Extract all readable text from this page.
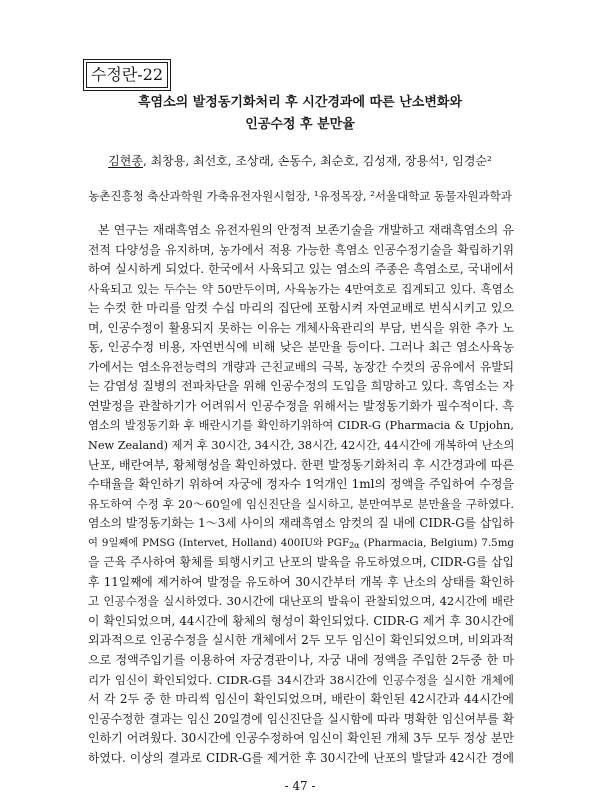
수정란-22
흑염소의 발정동기화처리 후 시간경과에 따른 난소변화와
인공수정 후 분만율
김현종, 최창용, 최선호, 조상래, 손동수, 최순호, 김성재, 장용석¹, 임경순²
농촌진흥청 축산과학원 가축유전자원시험장, ¹유정목장, ²서울대학교 동물자원과학과
본 연구는 재래흑염소 유전자원의 안정적 보존기술을 개발하고 재래흑염소의 유
전적 다양성을 유지하며, 농가에서 적용 가능한 흑염소 인공수정기술을 확립하기위
하여 실시하게 되었다. 한국에서 사육되고 있는 염소의 주종은 흑염소로, 국내에서
사육되고 있는 두수는 약 50만두이며, 사육농가는 4만여호로 집계되고 있다. 흑염소
는 수컷 한 마리를 암컷 수십 마리의 집단에 포함시켜 자연교배로 번식시키고 있으
며, 인공수정이 활용되지 못하는 이유는 개체사육관리의 부담, 번식을 위한 추가 노
동, 인공수정 비용, 자연번식에 비해 낮은 분만율 등이다. 그러나 최근 염소사육농
가에서는 염소유전능력의 개량과 근친교배의 극복, 농장간 수컷의 공유에서 유발되
는 감염성 질병의 전파차단을 위해 인공수정의 도입을 희망하고 있다. 흑염소는 자
연발정을 관찰하기가 어려워서 인공수정을 위해서는 발정동기화가 필수적이다. 흑
염소의 발정동기화 후 배란시기를 확인하기위하여 CIDR-G (Pharmacia & Upjohn,
New Zealand) 제거 후 30시간, 34시간, 38시간, 42시간, 44시간에 개복하여 난소의
난포, 배란여부, 황체형성을 확인하였다. 한편 발정동기화처리 후 시간경과에 따른
수태율을 확인하기 위하여 자궁에 정자수 1억개인 1ml의 정액을 주입하여 수정을
유도하여 수정 후 20～60일에 임신진단을 실시하고, 분만여부로 분만율을 구하였다.
염소의 발정동기화는 1～3세 사이의 재래흑염소 암컷의 질 내에 CIDR-G를 삽입하
여 9일째에 PMSG (Intervet, Holland) 400IU와 $PGF_{2\alpha}$ (Pharmacia, Belgium) 7.5mg
을 근육 주사하여 황체를 퇴행시키고 난포의 발육을 유도하였으며, CIDR-G를 삽입
후 11일째에 제거하여 발정을 유도하여 30시간부터 개복 후 난소의 상태를 확인하
고 인공수정을 실시하였다. 30시간에 대난포의 발육이 관찰되었으며, 42시간에 배란
이 확인되었으며, 44시간에 황체의 형성이 확인되었다. CIDR-G 제거 후 30시간에
외과적으로 인공수정을 실시한 개체에서 2두 모두 임신이 확인되었으며, 비외과적
으로 정액주입기를 이용하여 자궁경관이나, 자궁 내에 정액을 주입한 2두중 한 마
리가 임신이 확인되었다. CIDR-G를 34시간과 38시간에 인공수정을 실시한 개체에
서 각 2두 중 한 마리씩 임신이 확인되었으며, 배란이 확인된 42시간과 44시간에
인공수정한 결과는 임신 20일경에 임신진단을 실시함에 따라 명확한 임신여부를 확
인하기 어려웠다. 30시간에 인공수정하여 임신이 확인된 개체 3두 모두 정상 분만
하였다. 이상의 결과로 CIDR-G를 제거한 후 30시간에 난포의 발달과 42시간 경에
- 47 -
